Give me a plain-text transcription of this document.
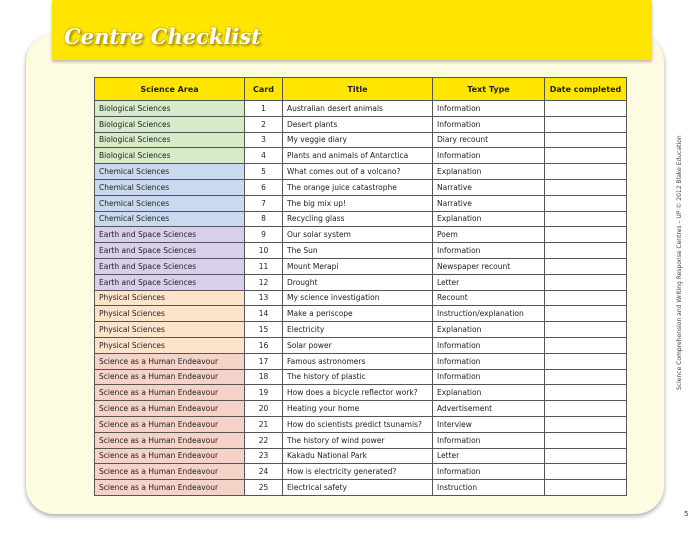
Centre Checklist
Science Area	Card	Title	Text Type	Date completed
Biological Sciences	1	Australian desert animals	Information	
Biological Sciences	2	Desert plants	Information	
Biological Sciences	3	My veggie diary	Diary recount	
Biological Sciences	4	Plants and animals of Antarctica	Information	
Chemical Sciences	5	What comes out of a volcano?	Explanation	
Chemical Sciences	6	The orange juice catastrophe	Narrative	
Chemical Sciences	7	The big mix up!	Narrative	
Chemical Sciences	8	Recycling glass	Explanation	
Earth and Space Sciences	9	Our solar system	Poem	
Earth and Space Sciences	10	The Sun	Information	
Earth and Space Sciences	11	Mount Merapi	Newspaper recount	
Earth and Space Sciences	12	Drought	Letter	
Physical Sciences	13	My science investigation	Recount	
Physical Sciences	14	Make a periscope	Instruction/explanation	
Physical Sciences	15	Electricity	Explanation	
Physical Sciences	16	Solar power	Information	
Science as a Human Endeavour	17	Famous astronomers	Information	
Science as a Human Endeavour	18	The history of plastic	Information	
Science as a Human Endeavour	19	How does a bicycle reflector work?	Explanation	
Science as a Human Endeavour	20	Heating your home	Advertisement	
Science as a Human Endeavour	21	How do scientists predict tsunamis?	Interview	
Science as a Human Endeavour	22	The history of wind power	Information	
Science as a Human Endeavour	23	Kakadu National Park	Letter	
Science as a Human Endeavour	24	How is electricity generated?	Information	
Science as a Human Endeavour	25	Electrical safety	Instruction	
Science Comprehension and Writing Response Centres – UP © 2012 Blake Education
5
